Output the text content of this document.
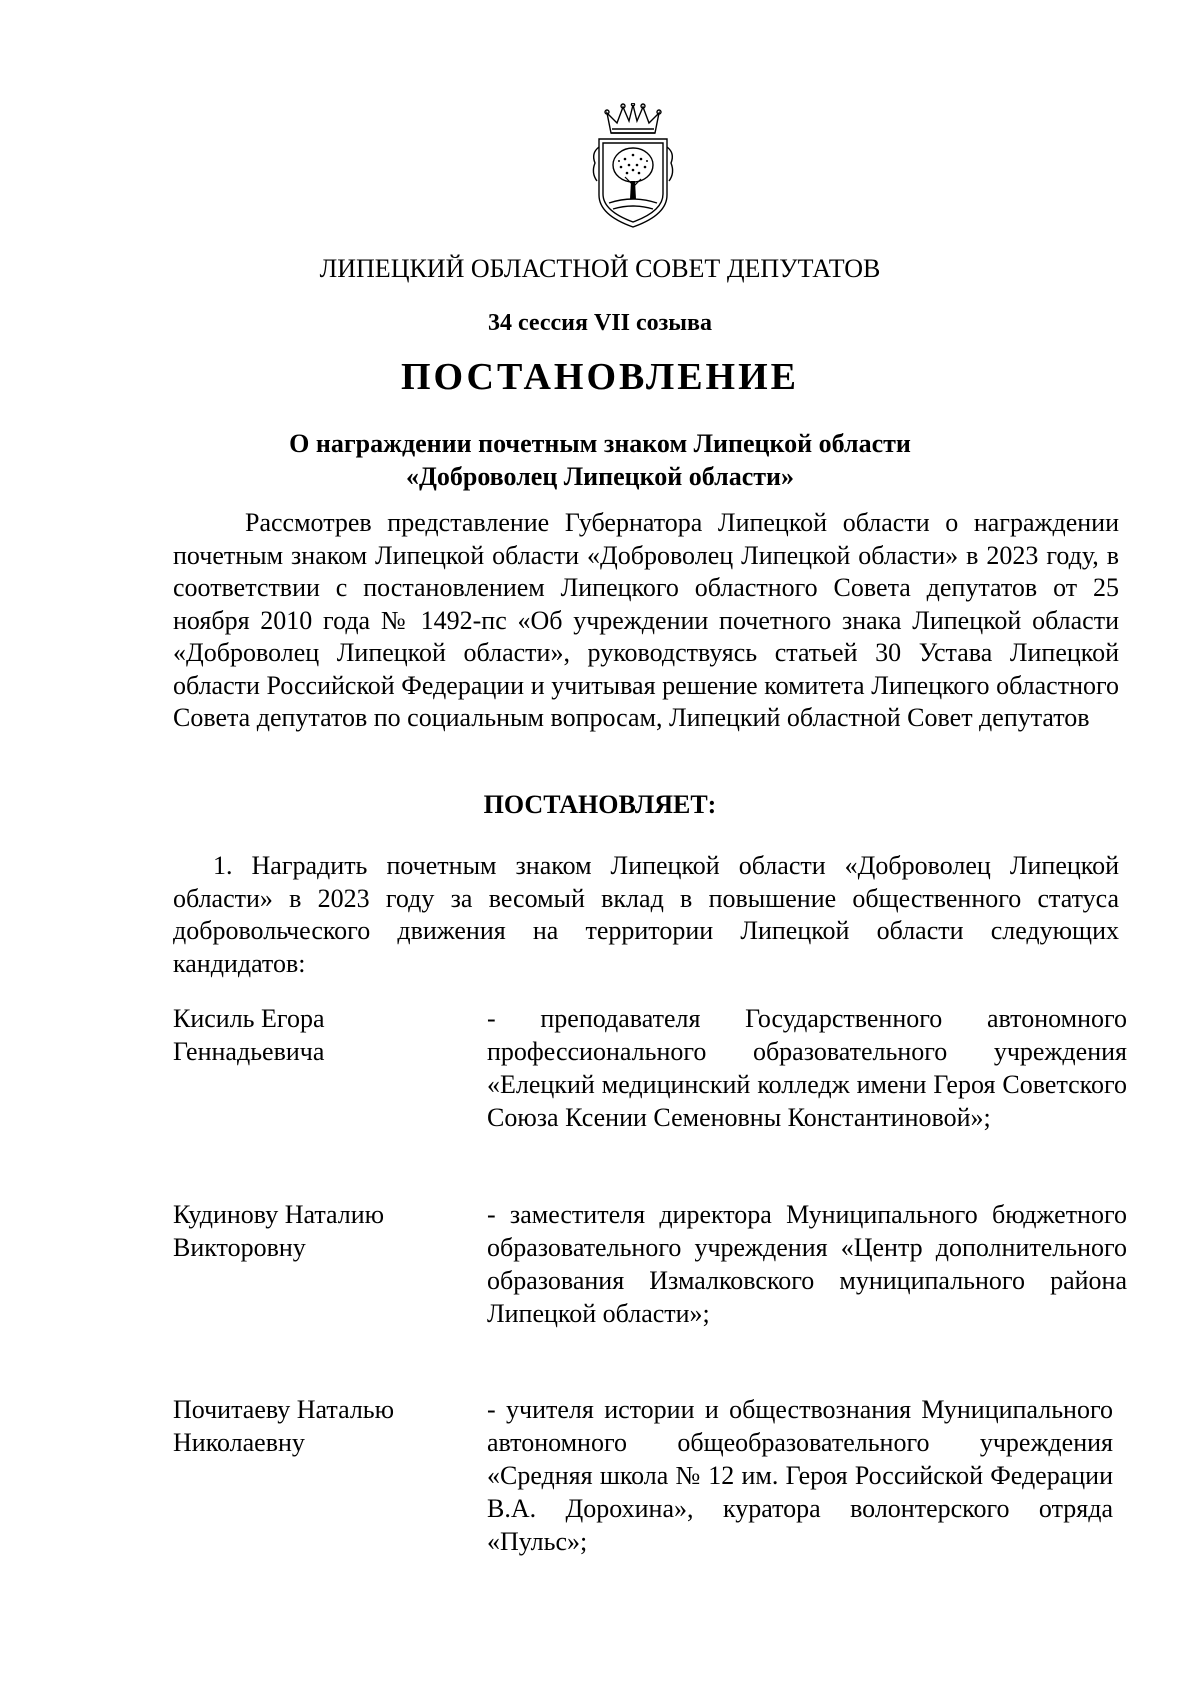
ЛИПЕЦКИЙ ОБЛАСТНОЙ СОВЕТ ДЕПУТАТОВ
34 сессия VII созыва
ПОСТАНОВЛЕНИЕ
О награждении почетным знаком Липецкой области
«Доброволец Липецкой области»
Рассмотрев представление Губернатора Липецкой области о награждении почетным знаком Липецкой области «Доброволец Липецкой области» в 2023 году, в соответствии с постановлением Липецкого областного Совета депутатов от 25 ноября 2010 года № 1492-пс «Об учреждении почетного знака Липецкой области «Доброволец Липецкой области», руководствуясь статьей 30 Устава Липецкой области Российской Федерации и учитывая решение комитета Липецкого областного Совета депутатов по социальным вопросам, Липецкий областной Совет депутатов
ПОСТАНОВЛЯЕТ:
1. Наградить почетным знаком Липецкой области «Доброволец Липецкой области» в 2023 году за весомый вклад в повышение общественного статуса добровольческого движения на территории Липецкой области следующих кандидатов:
Кисиль Егора Геннадьевича
- преподавателя Государственного автономного профессионального образовательного учреждения «Елецкий медицинский колледж имени Героя Советского Союза Ксении Семеновны Константиновой»;
Кудинову Наталию Викторовну
- заместителя директора Муниципального бюджетного образовательного учреждения «Центр дополнительного образования Измалковского муниципального района Липецкой области»;
Почитаеву Наталью Николаевну
- учителя истории и обществознания Муниципального автономного общеобразовательного учреждения «Средняя школа № 12 им. Героя Российской Федерации В.А. Дорохина», куратора волонтерского отряда «Пульс»;
